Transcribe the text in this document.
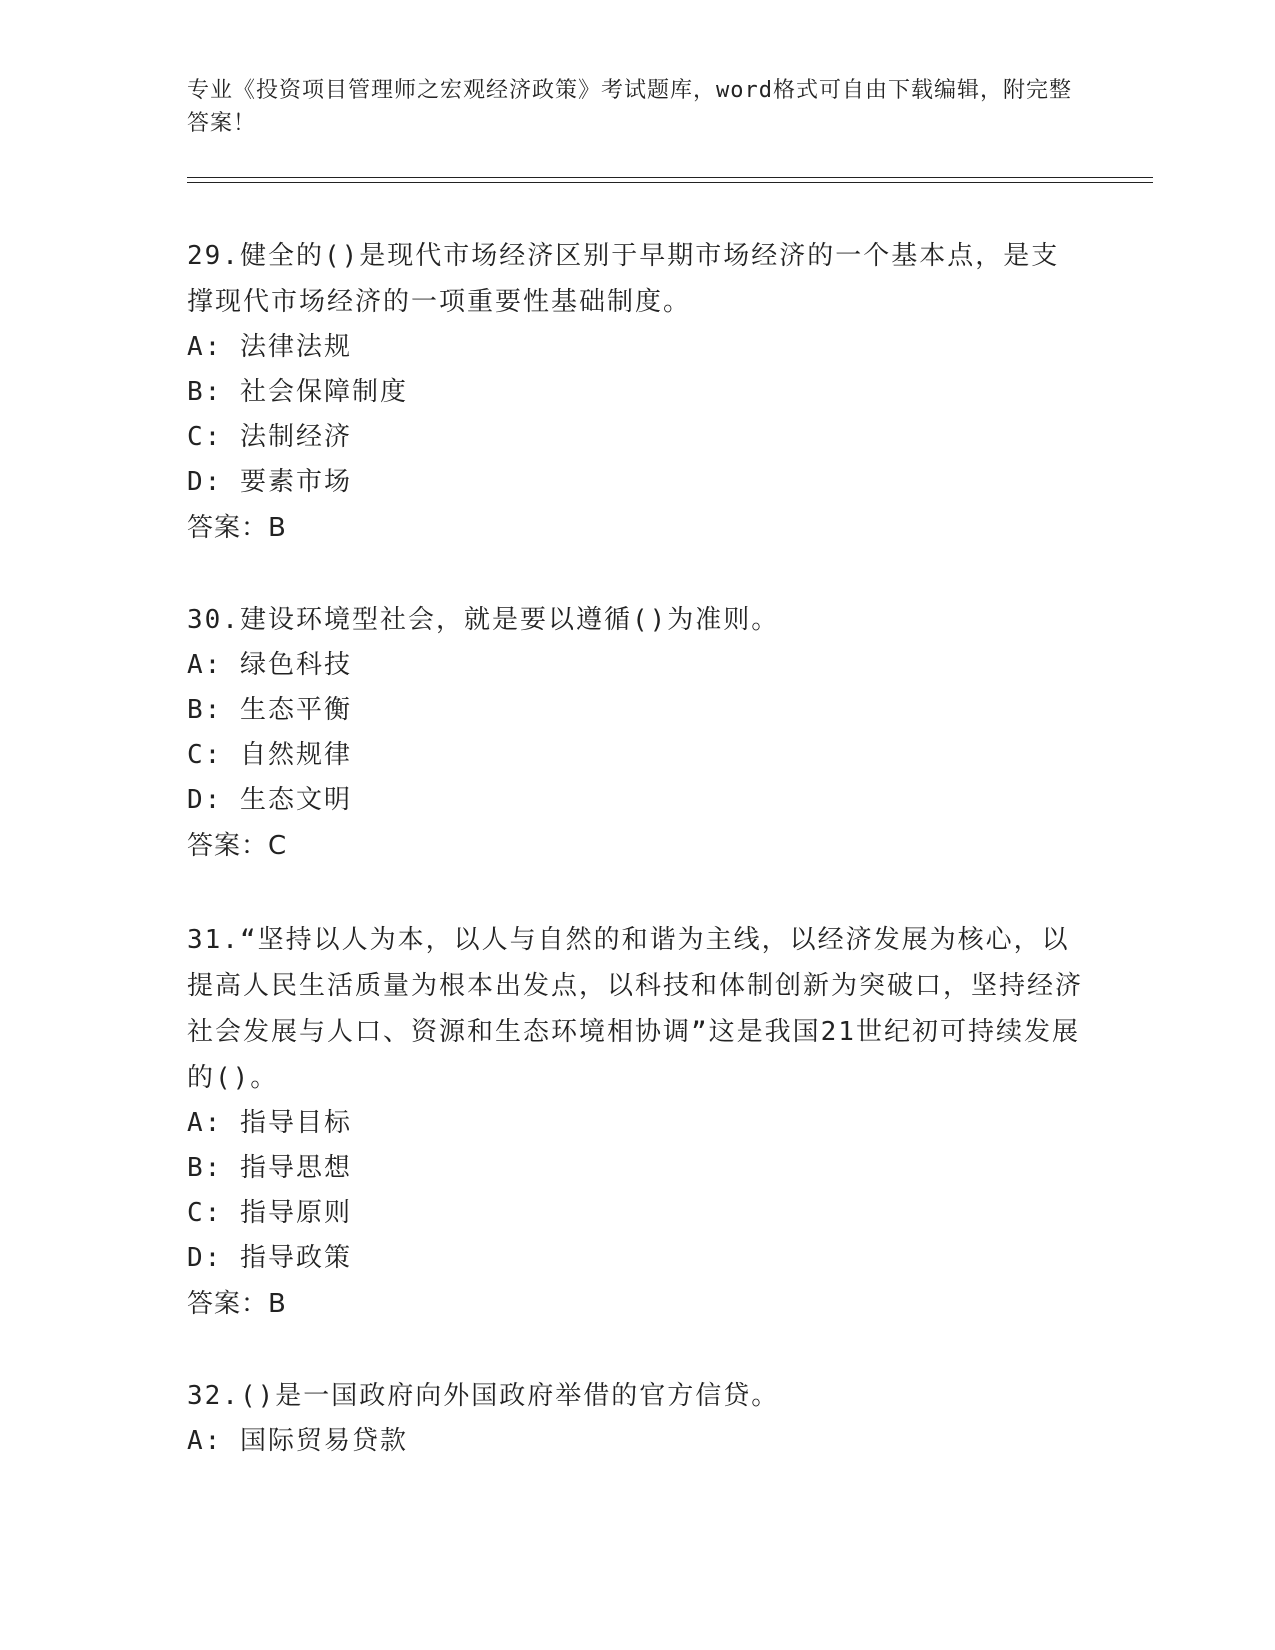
专业《投资项目管理师之宏观经济政策》考试题库，word格式可自由下载编辑，附完整答案！

29.健全的()是现代市场经济区别于早期市场经济的一个基本点，是支撑现代市场经济的一项重要性基础制度。

A: 法律法规

B: 社会保障制度

C: 法制经济

D: 要素市场

答案：B

30.建设环境型社会，就是要以遵循()为准则。

A: 绿色科技

B: 生态平衡

C: 自然规律

D: 生态文明

答案：C

31.“坚持以人为本，以人与自然的和谐为主线，以经济发展为核心，以提高人民生活质量为根本出发点，以科技和体制创新为突破口，坚持经济社会发展与人口、资源和生态环境相协调”这是我国21世纪初可持续发展的()。

A: 指导目标

B: 指导思想

C: 指导原则

D: 指导政策

答案：B

32.()是一国政府向外国政府举借的官方信贷。

A: 国际贸易贷款
